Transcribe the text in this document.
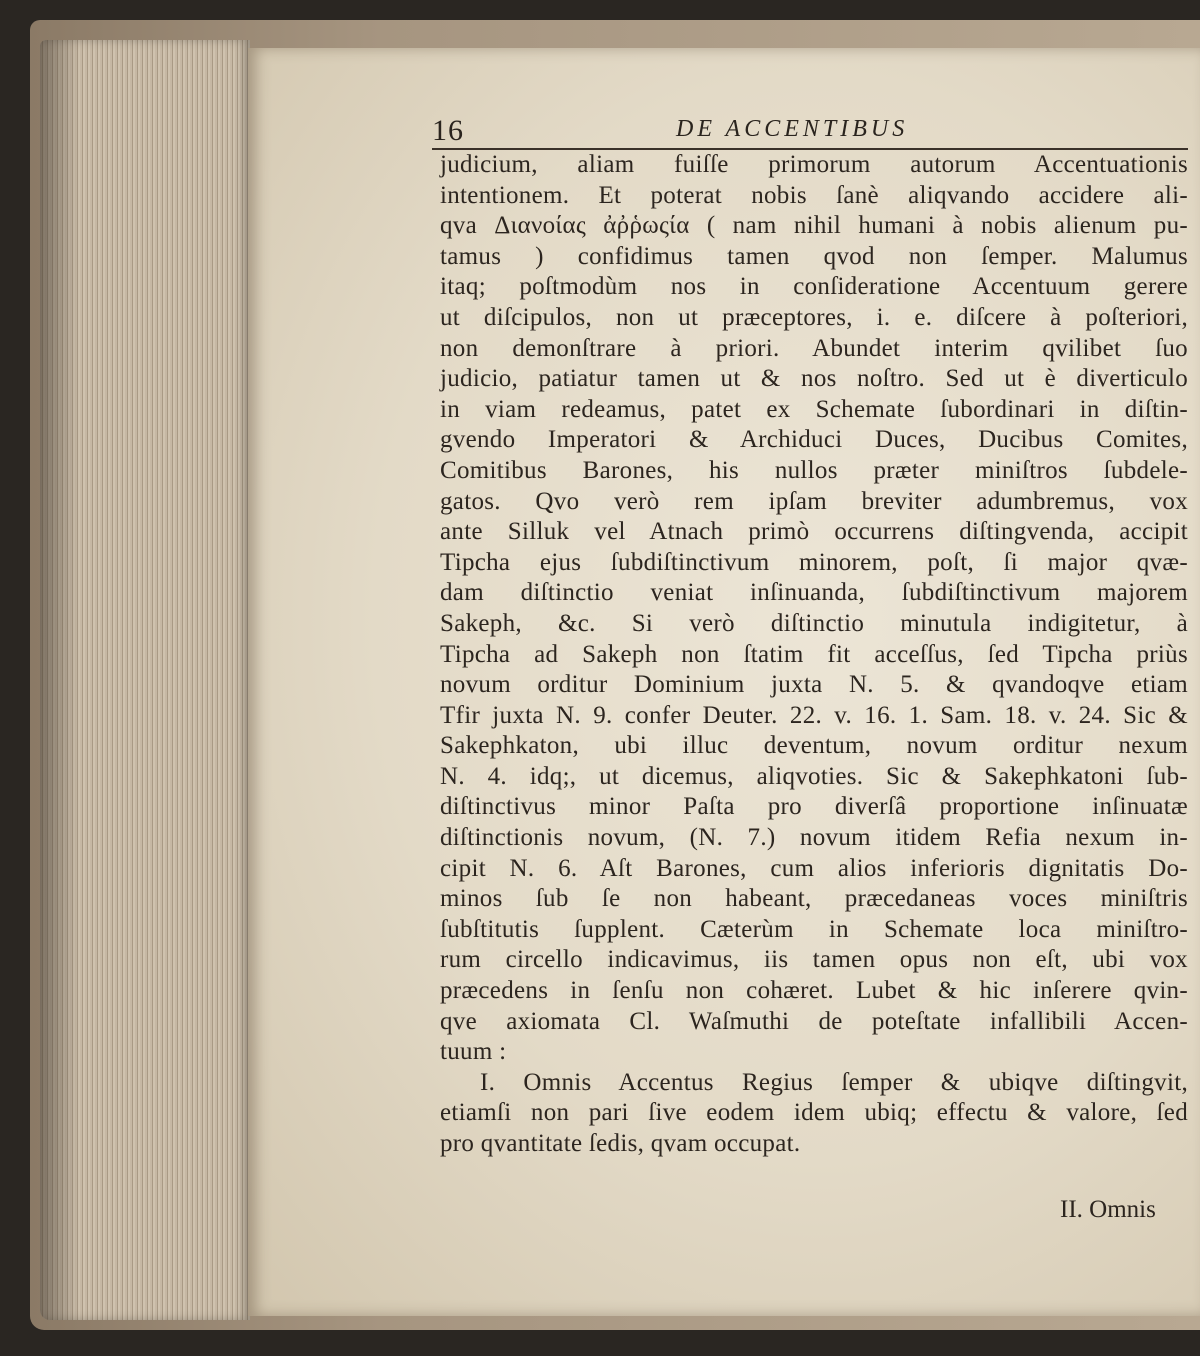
16	DE ACCENTIBUS
judicium, aliam fuiſſe primorum autorum Accentuationis
intentionem. Et poterat nobis ſanè aliqvando accidere ali-
qva Διανοίας ἀῤῥωςία ( nam nihil humani à nobis alienum pu-
tamus ) confidimus tamen qvod non ſemper. Malumus
itaq; poſtmodùm nos in conſideratione Accentuum gerere
ut diſcipulos, non ut præceptores, i. e. diſcere à poſteriori,
non demonſtrare à priori. Abundet interim qvilibet ſuo
judicio, patiatur tamen ut & nos noſtro. Sed ut è diverticulo
in viam redeamus, patet ex Schemate ſubordinari in diſtin-
gvendo Imperatori & Archiduci Duces, Ducibus Comites,
Comitibus Barones, his nullos præter miniſtros ſubdele-
gatos. Qvo verò rem ipſam breviter adumbremus, vox
ante Silluk vel Atnach primò occurrens diſtingvenda, accipit
Tipcha ejus ſubdiſtinctivum minorem, poſt, ſi major qvæ-
dam diſtinctio veniat inſinuanda, ſubdiſtinctivum majorem
Sakeph, &c. Si verò diſtinctio minutula indigitetur, à
Tipcha ad Sakeph non ſtatim fit acceſſus, ſed Tipcha priùs
novum orditur Dominium juxta N. 5. & qvandoqve etiam
Tfir juxta N. 9. confer Deuter. 22. v. 16. 1. Sam. 18. v. 24. Sic &
Sakephkaton, ubi illuc deventum, novum orditur nexum
N. 4. idq;, ut dicemus, aliqvoties. Sic & Sakephkatoni ſub-
diſtinctivus minor Paſta pro diverſâ proportione inſinuatæ
diſtinctionis novum, (N. 7.) novum itidem Refia nexum in-
cipit N. 6. Aſt Barones, cum alios inferioris dignitatis Do-
minos ſub ſe non habeant, præcedaneas voces miniſtris
ſubſtitutis ſupplent. Cæterùm in Schemate loca miniſtro-
rum circello indicavimus, iis tamen opus non eſt, ubi vox
præcedens in ſenſu non cohæret. Lubet & hic inſerere qvin-
qve axiomata Cl. Waſmuthi de poteſtate infallibili Accen-
tuum :
I. Omnis Accentus Regius ſemper & ubiqve diſtingvit,
etiamſi non pari ſive eodem idem ubiq; effectu & valore, ſed
pro qvantitate ſedis, qvam occupat.
II. Omnis
